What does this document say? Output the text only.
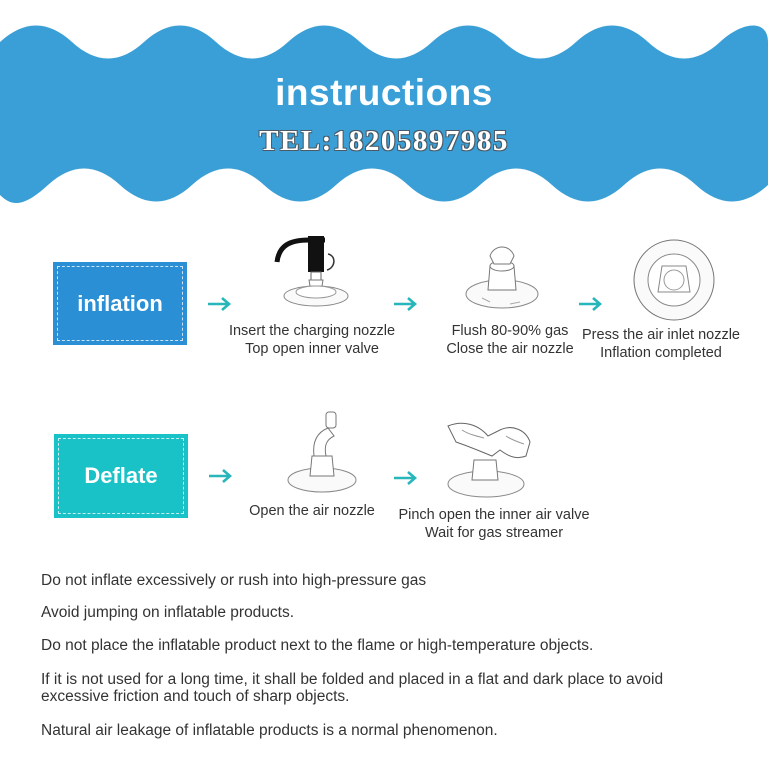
instructions
TEL:18205897985
inflation
Insert the charging nozzle
Top open inner valve
Flush 80-90% gas
Close the air nozzle
Press the air inlet nozzle
Inflation completed
Deflate
Open the air nozzle	Pinch open the inner air valve
Wait for gas streamer

Do not inflate excessively or rush into high-pressure gas

Avoid jumping on inflatable products.

Do not place the inflatable product next to the flame or high-temperature objects.

If it is not used for a long time, it shall be folded and placed in a flat and dark place to avoid excessive friction and touch of sharp objects.

Natural air leakage of inflatable products is a normal phenomenon.
